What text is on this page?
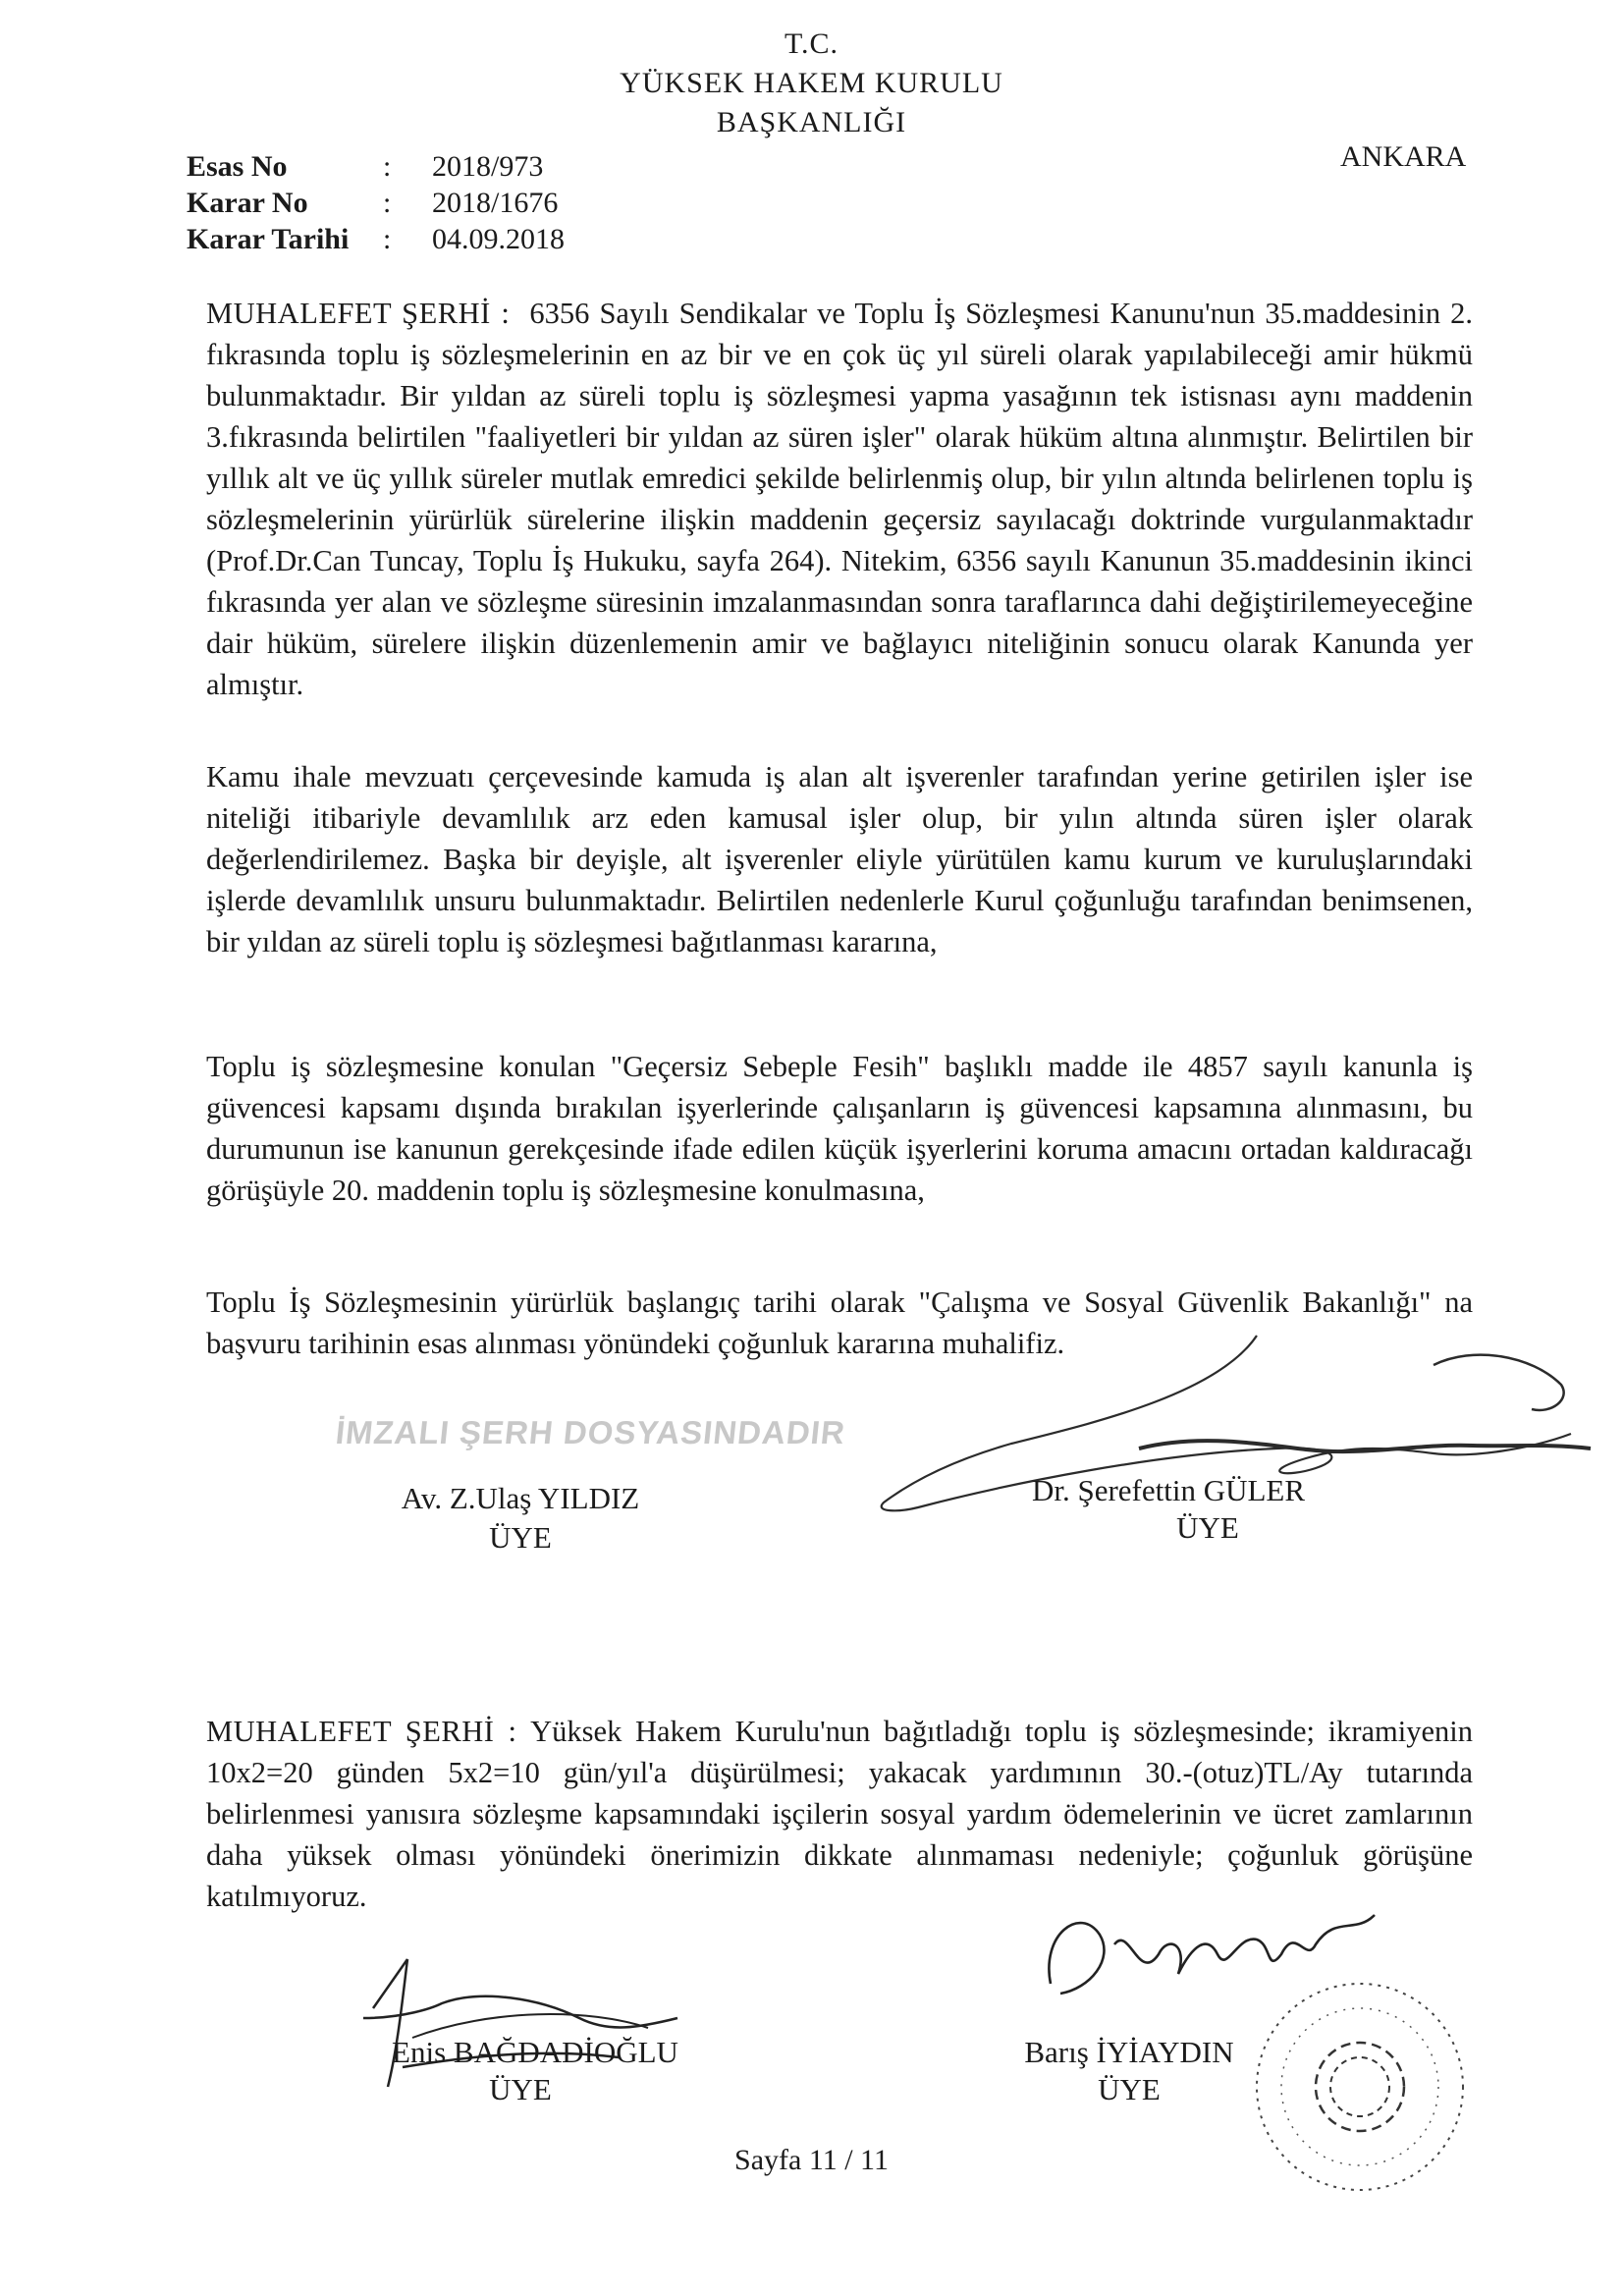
T.C.
YÜKSEK HAKEM KURULU
BAŞKANLIĞI
ANKARA
Esas No	: 2018/973
Karar No	: 2018/1676
Karar Tarihi : 04.09.2018
MUHALEFET ŞERHİ : 6356 Sayılı Sendikalar ve Toplu İş Sözleşmesi Kanunu'nun 35.maddesinin 2. fıkrasında toplu iş sözleşmelerinin en az bir ve en çok üç yıl süreli olarak yapılabileceği amir hükmü bulunmaktadır. Bir yıldan az süreli toplu iş sözleşmesi yapma yasağının tek istisnası aynı maddenin 3.fıkrasında belirtilen "faaliyetleri bir yıldan az süren işler" olarak hüküm altına alınmıştır. Belirtilen bir yıllık alt ve üç yıllık süreler mutlak emredici şekilde belirlenmiş olup, bir yılın altında belirlenen toplu iş sözleşmelerinin yürürlük sürelerine ilişkin maddenin geçersiz sayılacağı doktrinde vurgulanmaktadır (Prof.Dr.Can Tuncay, Toplu İş Hukuku, sayfa 264). Nitekim, 6356 sayılı Kanunun 35.maddesinin ikinci fıkrasında yer alan ve sözleşme süresinin imzalanmasından sonra taraflarınca dahi değiştirilemeyeceğine dair hüküm, sürelere ilişkin düzenlemenin amir ve bağlayıcı niteliğinin sonucu olarak Kanunda yer almıştır.
Kamu ihale mevzuatı çerçevesinde kamuda iş alan alt işverenler tarafından yerine getirilen işler ise niteliği itibariyle devamlılık arz eden kamusal işler olup, bir yılın altında süren işler olarak değerlendirilemez. Başka bir deyişle, alt işverenler eliyle yürütülen kamu kurum ve kuruluşlarındaki işlerde devamlılık unsuru bulunmaktadır. Belirtilen nedenlerle Kurul çoğunluğu tarafından benimsenen, bir yıldan az süreli toplu iş sözleşmesi bağıtlanması kararına,
Toplu iş sözleşmesine konulan "Geçersiz Sebeple Fesih" başlıklı madde ile 4857 sayılı kanunla iş güvencesi kapsamı dışında bırakılan işyerlerinde çalışanların iş güvencesi kapsamına alınmasını, bu durumunun ise kanunun gerekçesinde ifade edilen küçük işyerlerini koruma amacını ortadan kaldıracağı görüşüyle 20. maddenin toplu iş sözleşmesine konulmasına,
Toplu İş Sözleşmesinin yürürlük başlangıç tarihi olarak "Çalışma ve Sosyal Güvenlik Bakanlığı" na başvuru tarihinin esas alınması yönündeki çoğunluk kararına muhalifiz.
İMZALI ŞERH DOSYASINDADIR
Av. Z.Ulaş YILDIZ
ÜYE
Dr. Şerefettin GÜLER
ÜYE
MUHALEFET ŞERHİ : Yüksek Hakem Kurulu'nun bağıtladığı toplu iş sözleşmesinde; ikramiyenin 10x2=20 günden 5x2=10 gün/yıl'a düşürülmesi; yakacak yardımının 30.-(otuz)TL/Ay tutarında belirlenmesi yanısıra sözleşme kapsamındaki işçilerin sosyal yardım ödemelerinin ve ücret zamlarının daha yüksek olması yönündeki önerimizin dikkate alınmaması nedeniyle; çoğunluk görüşüne katılmıyoruz.
Enis BAĞDADİOĞLU
ÜYE
Barış İYİAYDIN
ÜYE
Sayfa 11 / 11
